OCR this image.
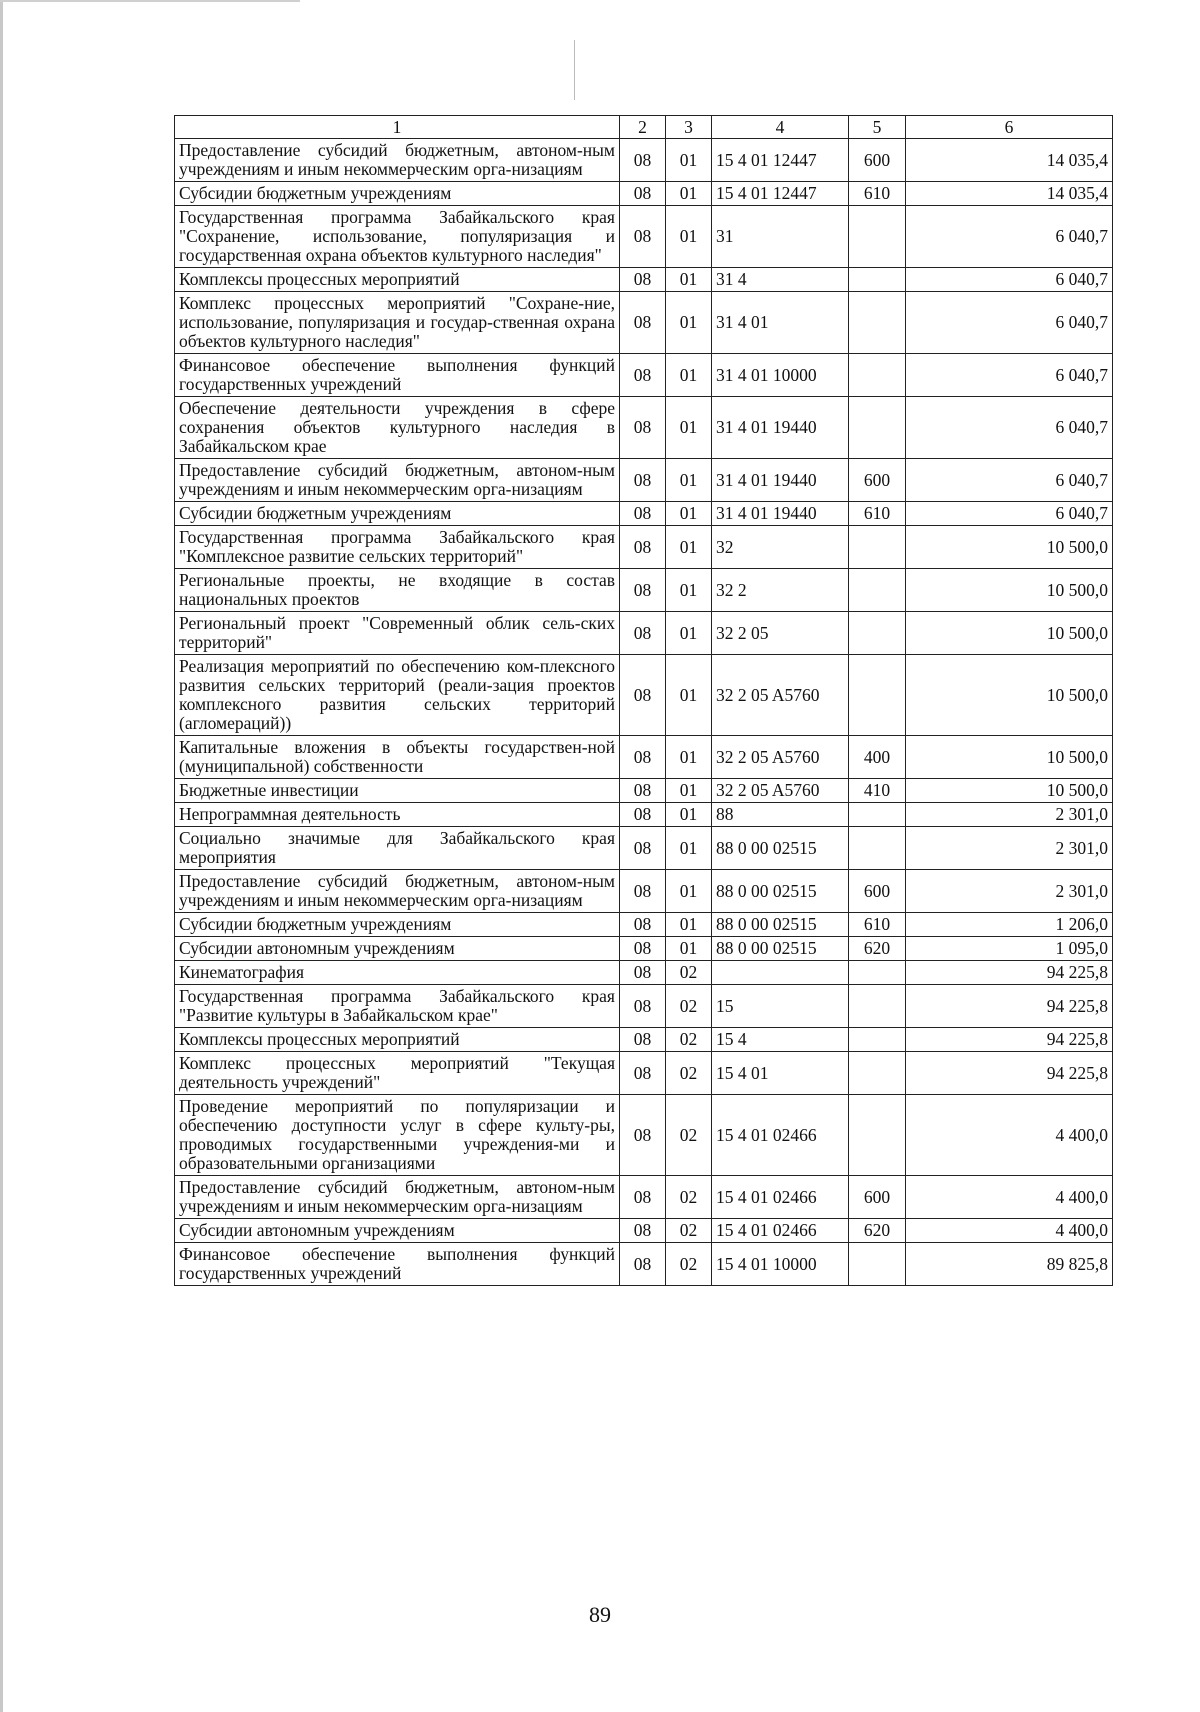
1	2	3	4	5	6
Предоставление субсидий бюджетным, автоном-ным учреждениям и иным некоммерческим орга-низациям	08	01	15 4 01 12447	600	14 035,4
Субсидии бюджетным учреждениям	08	01	15 4 01 12447	610	14 035,4
Государственная программа Забайкальского края "Сохранение, использование, популяризация и государственная охрана объектов культурного наследия"	08	01	31		6 040,7
Комплексы процессных мероприятий	08	01	31 4		6 040,7
Комплекс процессных мероприятий "Сохране-ние, использование, популяризация и государ-ственная охрана объектов культурного наследия"	08	01	31 4 01		6 040,7
Финансовое обеспечение выполнения функций государственных учреждений	08	01	31 4 01 10000		6 040,7
Обеспечение деятельности учреждения в сфере сохранения объектов культурного наследия в Забайкальском крае	08	01	31 4 01 19440		6 040,7
Предоставление субсидий бюджетным, автоном-ным учреждениям и иным некоммерческим орга-низациям	08	01	31 4 01 19440	600	6 040,7
Субсидии бюджетным учреждениям	08	01	31 4 01 19440	610	6 040,7
Государственная программа Забайкальского края "Комплексное развитие сельских территорий"	08	01	32		10 500,0
Региональные проекты, не входящие в состав национальных проектов	08	01	32 2		10 500,0
Региональный проект "Современный облик сель-ских территорий"	08	01	32 2 05		10 500,0
Реализация мероприятий по обеспечению ком-плексного развития сельских территорий (реали-зация проектов комплексного развития сельских территорий (агломераций))	08	01	32 2 05 A5760		10 500,0
Капитальные вложения в объекты государствен-ной (муниципальной) собственности	08	01	32 2 05 A5760	400	10 500,0
Бюджетные инвестиции	08	01	32 2 05 A5760	410	10 500,0
Непрограммная деятельность	08	01	88		2 301,0
Социально значимые для Забайкальского края мероприятия	08	01	88 0 00 02515		2 301,0
Предоставление субсидий бюджетным, автоном-ным учреждениям и иным некоммерческим орга-низациям	08	01	88 0 00 02515	600	2 301,0
Субсидии бюджетным учреждениям	08	01	88 0 00 02515	610	1 206,0
Субсидии автономным учреждениям	08	01	88 0 00 02515	620	1 095,0
Кинематография	08	02			94 225,8
Государственная программа Забайкальского края "Развитие культуры в Забайкальском крае"	08	02	15		94 225,8
Комплексы процессных мероприятий	08	02	15 4		94 225,8
Комплекс процессных мероприятий "Текущая деятельность учреждений"	08	02	15 4 01		94 225,8
Проведение мероприятий по популяризации и обеспечению доступности услуг в сфере культу-ры, проводимых государственными учреждения-ми и образовательными организациями	08	02	15 4 01 02466		4 400,0
Предоставление субсидий бюджетным, автоном-ным учреждениям и иным некоммерческим орга-низациям	08	02	15 4 01 02466	600	4 400,0
Субсидии автономным учреждениям	08	02	15 4 01 02466	620	4 400,0
Финансовое обеспечение выполнения функций государственных учреждений	08	02	15 4 01 10000		89 825,8
89
